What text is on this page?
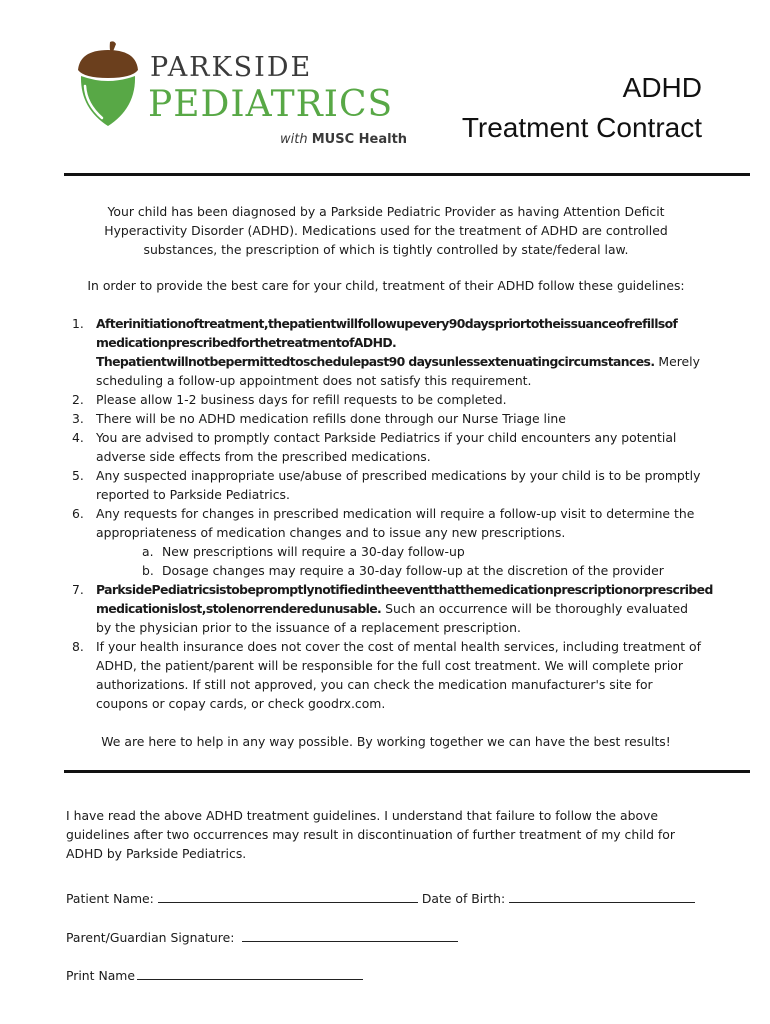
PARKSIDE
PEDIATRICS
with MUSC Health
ADHD
Treatment Contract
Your child has been diagnosed by a Parkside Pediatric Provider as having Attention Deficit Hyperactivity Disorder (ADHD). Medications used for the treatment of ADHD are controlled substances, the prescription of which is tightly controlled by state/federal law.
In order to provide the best care for your child, treatment of their ADHD follow these guidelines:
1. Afterinitiationoftreatment,thepatientwillfollowupevery90dayspriortotheissuanceofrefillsof medicationprescribedforthetreatmentofADHD. Thepatientwillnotbepermittedtoschedulepast90 daysunlessextenuatingcircumstances. Merely scheduling a follow-up appointment does not satisfy this requirement.
2. Please allow 1-2 business days for refill requests to be completed.
3. There will be no ADHD medication refills done through our Nurse Triage line
4. You are advised to promptly contact Parkside Pediatrics if your child encounters any potential adverse side effects from the prescribed medications.
5. Any suspected inappropriate use/abuse of prescribed medications by your child is to be promptly reported to Parkside Pediatrics.
6. Any requests for changes in prescribed medication will require a follow-up visit to determine the appropriateness of medication changes and to issue any new prescriptions.
a. New prescriptions will require a 30-day follow-up
b. Dosage changes may require a 30-day follow-up at the discretion of the provider
7. ParksidePediatricsistobepromptlynotifiedintheeventthatthemedicationprescriptionorprescribed medicationislost,stolenorrenderedunusable. Such an occurrence will be thoroughly evaluated by the physician prior to the issuance of a replacement prescription.
8. If your health insurance does not cover the cost of mental health services, including treatment of ADHD, the patient/parent will be responsible for the full cost treatment. We will complete prior authorizations. If still not approved, you can check the medication manufacturer's site for coupons or copay cards, or check goodrx.com.
We are here to help in any way possible. By working together we can have the best results!
I have read the above ADHD treatment guidelines. I understand that failure to follow the above guidelines after two occurrences may result in discontinuation of further treatment of my child for ADHD by Parkside Pediatrics.
Patient Name:	Date of Birth:
Parent/Guardian Signature:
Print Name
